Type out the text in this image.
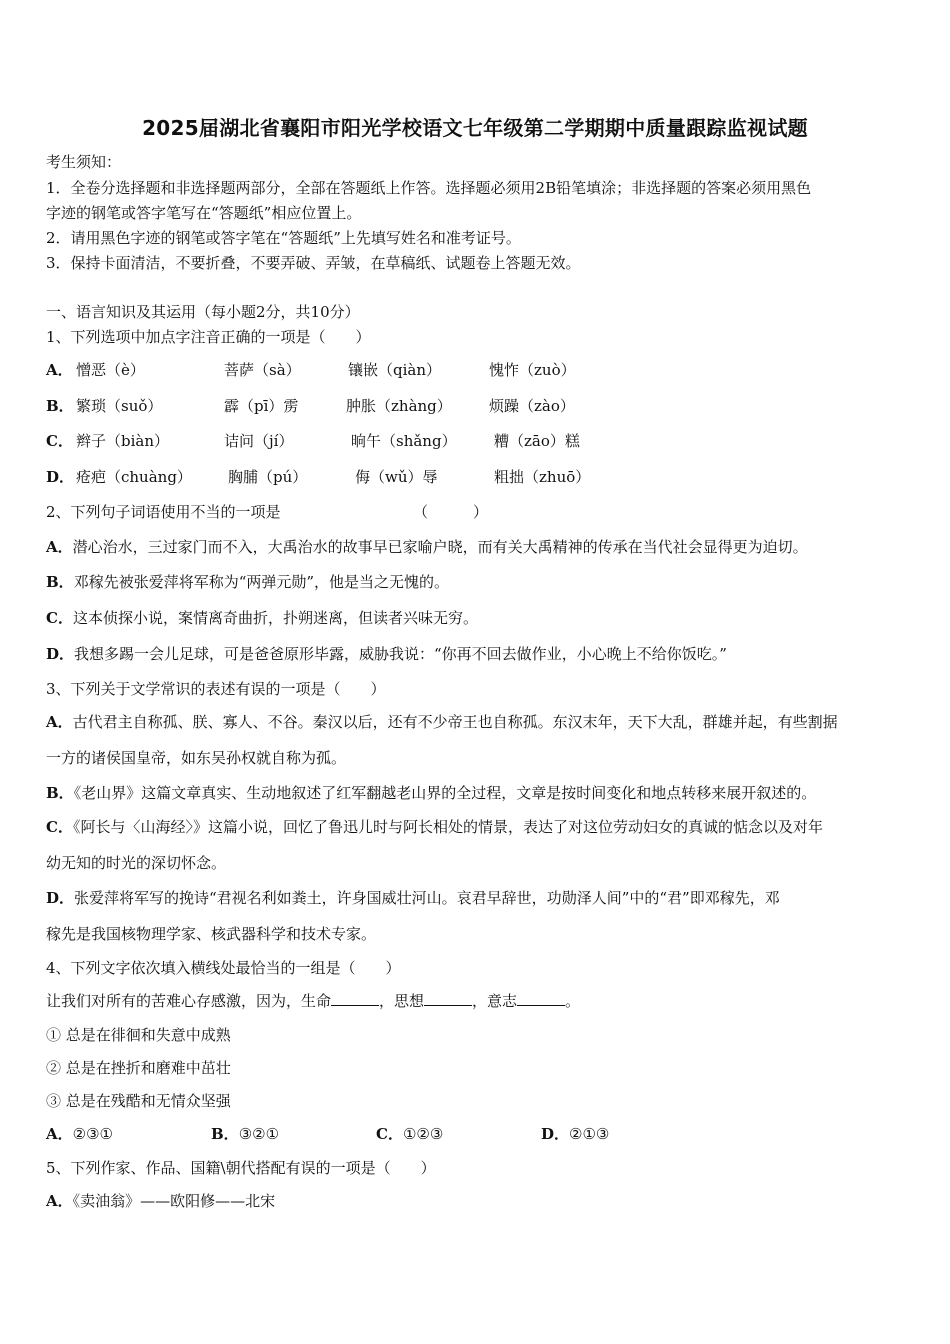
2025届湖北省襄阳市阳光学校语文七年级第二学期期中质量跟踪监视试题
考生须知：
1．全卷分选择题和非选择题两部分，全部在答题纸上作答。选择题必须用2B铅笔填涂；非选择题的答案必须用黑色
字迹的钢笔或答字笔写在“答题纸”相应位置上。
2．请用黑色字迹的钢笔或答字笔在“答题纸”上先填写姓名和准考证号。
3．保持卡面清洁，不要折叠，不要弄破、弄皱，在草稿纸、试题卷上答题无效。
一、语言知识及其运用（每小题2分，共10分）
1、下列选项中加点字注音正确的一项是（　　）
A． 憎恶（è）	菩萨（sà）	镶嵌（qiàn）	愧怍（zuò）
B． 繁琐（suǒ）	霹（pī）雳	肿胀（zhàng） 烦躁（zào）
C． 辫子（biàn）	诘问（jí）	晌午（shǎng） 糟（zāo）糕
D． 疮疤（chuàng） 胸脯（pú）	侮（wǔ）辱	粗拙（zhuō）
2、下列句子词语使用不当的一项是	（　　　）
A．潜心治水，三过家门而不入，大禹治水的故事早已家喻户晓，而有关大禹精神的传承在当代社会显得更为迫切。
B．邓稼先被张爱萍将军称为“两弹元勋”，他是当之无愧的。
C．这本侦探小说，案情离奇曲折，扑朔迷离，但读者兴味无穷。
D．我想多踢一会儿足球，可是爸爸原形毕露，威胁我说：“你再不回去做作业，小心晚上不给你饭吃。”
3、下列关于文学常识的表述有误的一项是（　　）
A．古代君主自称孤、朕、寡人、不谷。秦汉以后，还有不少帝王也自称孤。东汉末年，天下大乱，群雄并起，有些割据
一方的诸侯国皇帝，如东吴孙权就自称为孤。
B．《老山界》这篇文章真实、生动地叙述了红军翻越老山界的全过程，文章是按时间变化和地点转移来展开叙述的。
C．《阿长与〈山海经〉》这篇小说，回忆了鲁迅儿时与阿长相处的情景，表达了对这位劳动妇女的真诚的惦念以及对年
幼无知的时光的深切怀念。
D．张爱萍将军写的挽诗“君视名利如粪土，许身国威壮河山。哀君早辞世，功勋泽人间”中的“君”即邓稼先，邓
稼先是我国核物理学家、核武器科学和技术专家。
4、下列文字依次填入横线处最恰当的一组是（　　）
让我们对所有的苦难心存感激，因为，生命	，思想	，意志	。
① 总是在徘徊和失意中成熟
② 总是在挫折和磨难中茁壮
③ 总是在残酷和无情众坚强
A．②③①	B．③②①	C．①②③	D．②①③
5、下列作家、作品、国籍\朝代搭配有误的一项是（　　）
A．《卖油翁》——欧阳修——北宋
